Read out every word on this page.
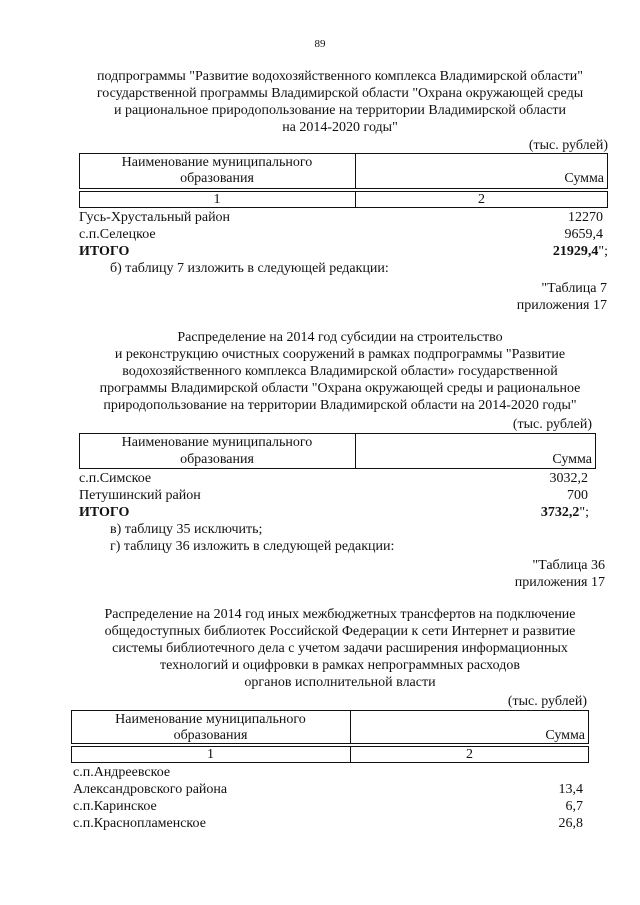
89
подпрограммы "Развитие водохозяйственного комплекса Владимирской области"
государственной программы Владимирской области "Охрана окружающей среды
и рациональное природопользование на территории Владимирской области
на 2014-2020 годы"
(тыс. рублей)
Наименование муниципального
образования	Сумма
1	2
Гусь-Хрустальный район	12270
с.п.Селецкое	9659,4
ИТОГО	21929,4";
б) таблицу 7 изложить в следующей редакции:
"Таблица 7
приложения 17
Распределение на 2014 год субсидии на строительство
и реконструкцию очистных сооружений в рамках подпрограммы "Развитие
водохозяйственного комплекса Владимирской области» государственной
программы Владимирской области "Охрана окружающей среды и рациональное
природопользование на территории Владимирской области на 2014-2020 годы"
(тыс. рублей)
Наименование муниципального
образования	Сумма
с.п.Симское	3032,2
Петушинский район	700
ИТОГО	3732,2";
в) таблицу 35 исключить;
г) таблицу 36 изложить в следующей редакции:
"Таблица 36
приложения 17
Распределение на 2014 год иных межбюджетных трансфертов на подключение
общедоступных библиотек Российской Федерации к сети Интернет и развитие
системы библиотечного дела с учетом задачи расширения информационных
технологий и оцифровки в рамках непрограммных расходов
органов исполнительной власти
(тыс. рублей)
Наименование муниципального
образования	Сумма
1	2
с.п.Андреевское
Александровского района	13,4
с.п.Каринское	6,7
с.п.Краснопламенское	26,8
